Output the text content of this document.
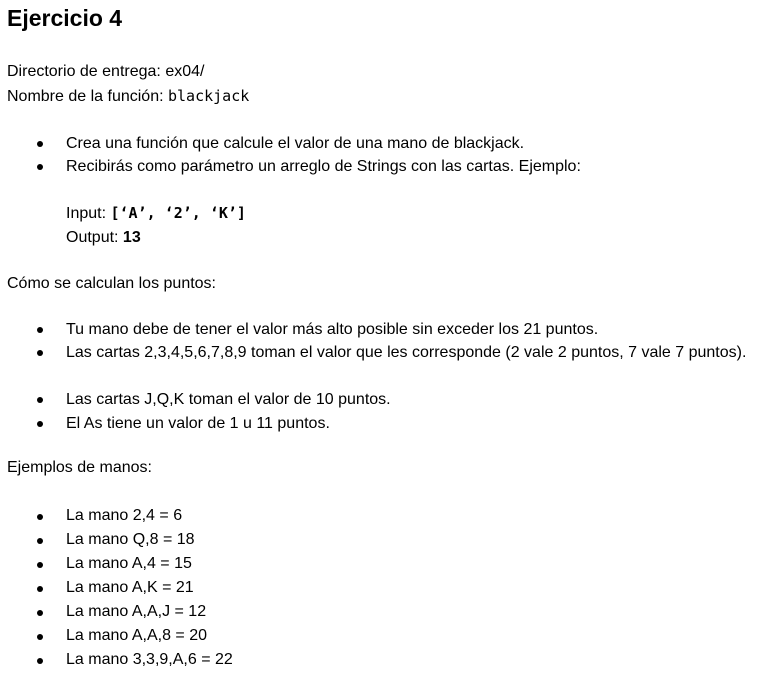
Ejercicio 4
Directorio de entrega: ex04/
Nombre de la función: blackjack
Crea una función que calcule el valor de una mano de blackjack.
Recibirás como parámetro un arreglo de Strings con las cartas. Ejemplo:
Input: [‘A’, ‘2’, ‘K’]
Output: 13
Cómo se calculan los puntos:
Tu mano debe de tener el valor más alto posible sin exceder los 21 puntos.
Las cartas 2,3,4,5,6,7,8,9 toman el valor que les corresponde (2 vale 2 puntos, 7 vale 7 puntos).
Las cartas J,Q,K toman el valor de 10 puntos.
El As tiene un valor de 1 u 11 puntos.
Ejemplos de manos:
La mano 2,4 = 6
La mano Q,8 = 18
La mano A,4 = 15
La mano A,K = 21
La mano A,A,J = 12
La mano A,A,8 = 20
La mano 3,3,9,A,6 = 22
